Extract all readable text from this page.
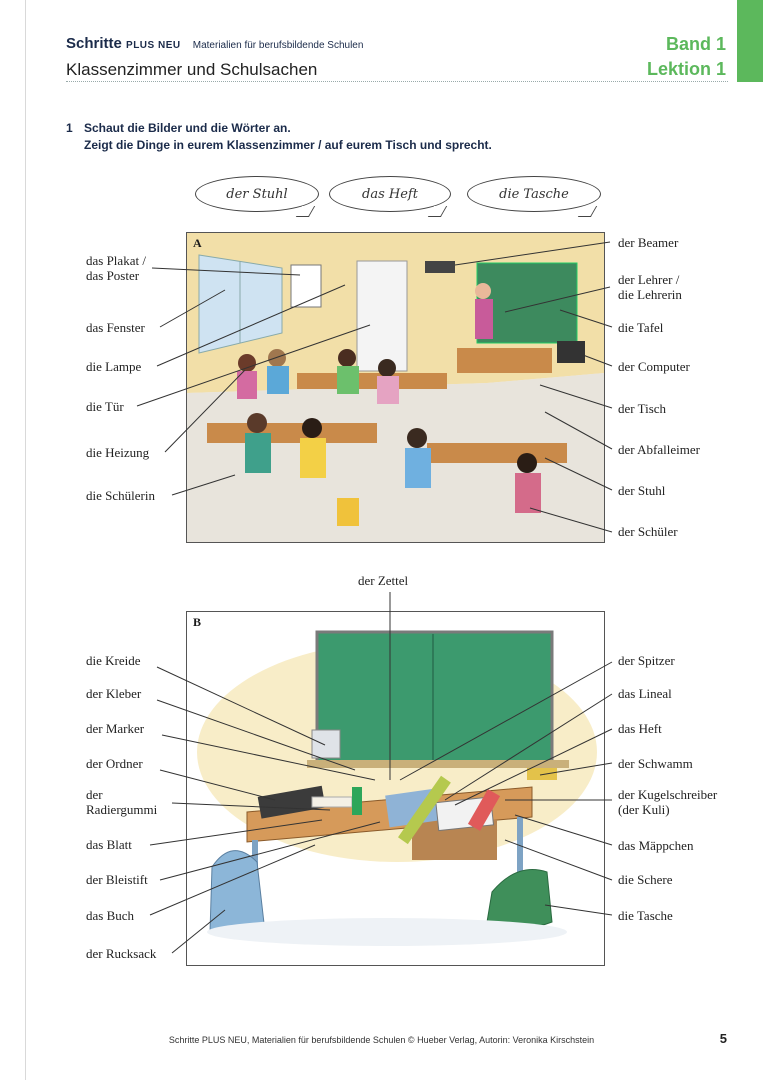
Schritte PLUS NEU Materialien für berufsbildende Schulen
Klassenzimmer und Schulsachen
Band 1
Lektion 1
1 Schaut die Bilder und die Wörter an.
Zeigt die Dinge in eurem Klassenzimmer / auf eurem Tisch und sprecht.
der Stuhl	das Heft	die Tasche
A
B
das Plakat /
das Poster
das Fenster
die Lampe
die Tür
die Heizung
die Schülerin
der Beamer
der Lehrer /
die Lehrerin
die Tafel
der Computer
der Tisch
der Abfalleimer
der Stuhl
der Schüler
der Zettel
die Kreide
der Kleber
der Marker
der Ordner
der
Radiergummi
das Blatt
der Bleistift
das Buch
der Rucksack
der Spitzer
das Lineal
das Heft
der Schwamm
der Kugelschreiber
(der Kuli)
das Mäppchen
die Schere
die Tasche
Schritte PLUS NEU, Materialien für berufsbildende Schulen © Hueber Verlag, Autorin: Veronika Kirschstein	5
